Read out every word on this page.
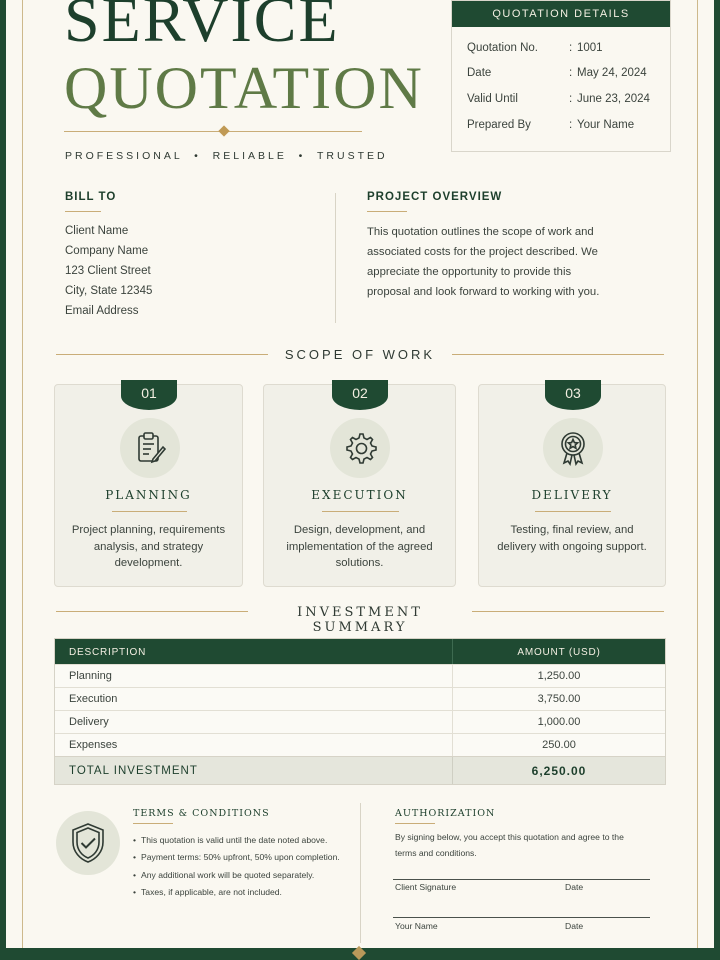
SERVICE
QUOTATION
PROFESSIONAL  •  RELIABLE  •  TRUSTED
QUOTATION DETAILS
Quotation No.	: 1001
Date	: May 24, 2024
Valid Until	: June 23, 2024
Prepared By	: Your Name
BILL TO
Client Name
Company Name
123 Client Street
City, State 12345
Email Address
PROJECT OVERVIEW
This quotation outlines the scope of work and associated costs for the project described. We appreciate the opportunity to provide this proposal and look forward to working with you.
SCOPE OF WORK
01
PLANNING
Project planning, requirements analysis, and strategy development.
02
EXECUTION
Design, development, and implementation of the agreed solutions.
03
DELIVERY
Testing, final review, and delivery with ongoing support.
INVESTMENT SUMMARY
DESCRIPTION	AMOUNT (USD)
Planning	1,250.00
Execution	3,750.00
Delivery	1,000.00
Expenses	250.00
TOTAL INVESTMENT	6,250.00
TERMS & CONDITIONS
• This quotation is valid until the date noted above.
• Payment terms: 50% upfront, 50% upon completion.
• Any additional work will be quoted separately.
• Taxes, if applicable, are not included.
AUTHORIZATION
By signing below, you accept this quotation and agree to the terms and conditions.
Client Signature	Date
Your Name	Date
